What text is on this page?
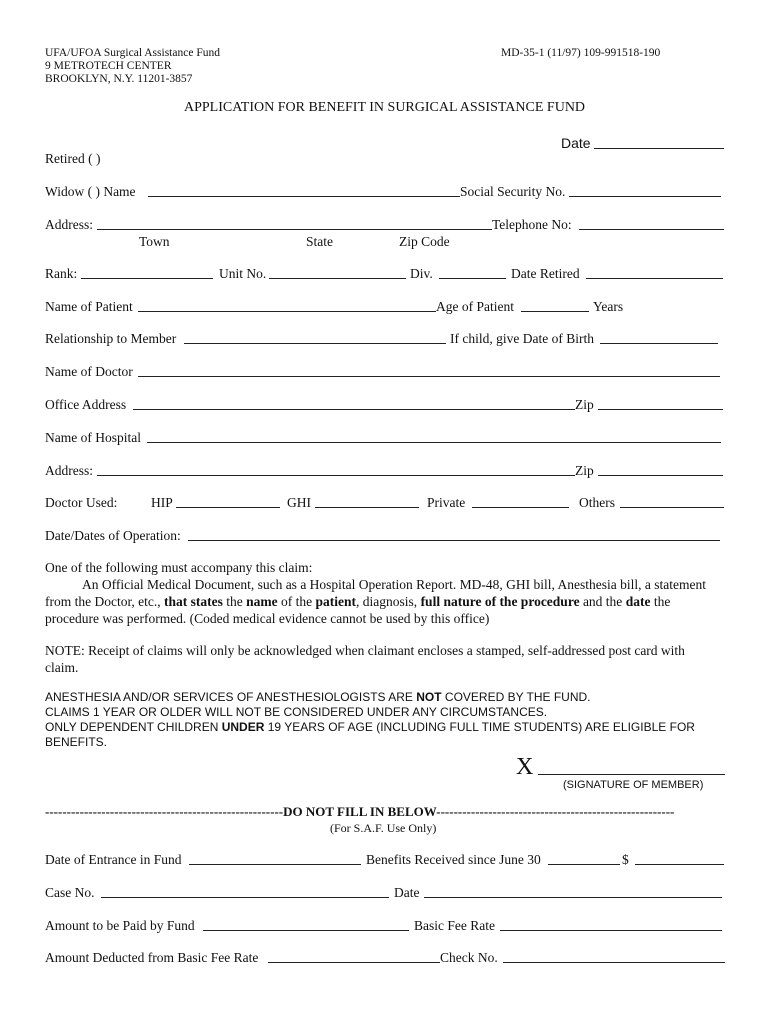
UFA/UFOA Surgical Assistance Fund
9 METROTECH CENTER
BROOKLYN, N.Y. 11201-3857
MD-35-1 (11/97) 109-991518-190
APPLICATION FOR BENEFIT IN SURGICAL ASSISTANCE FUND
Date
Retired ( )
Widow ( ) Name	Social Security No.
Address:	Telephone No:
Town	State	Zip Code
Rank:	Unit No.	Div.	Date Retired
Name of Patient	Age of Patient	Years
Relationship to Member	If child, give Date of Birth
Name of Doctor
Office Address	Zip
Name of Hospital
Address:	Zip
Doctor Used: HIP	GHI	Private	Others
Date/Dates of Operation:
One of the following must accompany this claim:
An Official Medical Document, such as a Hospital Operation Report. MD-48, GHI bill, Anesthesia bill, a statement from the Doctor, etc., that states the name of the patient, diagnosis, full nature of the procedure and the date the procedure was performed. (Coded medical evidence cannot be used by this office)
NOTE: Receipt of claims will only be acknowledged when claimant encloses a stamped, self-addressed post card with claim.
ANESTHESIA AND/OR SERVICES OF ANESTHESIOLOGISTS ARE NOT COVERED BY THE FUND.
CLAIMS 1 YEAR OR OLDER WILL NOT BE CONSIDERED UNDER ANY CIRCUMSTANCES.
ONLY DEPENDENT CHILDREN UNDER 19 YEARS OF AGE (INCLUDING FULL TIME STUDENTS) ARE ELIGIBLE FOR
BENEFITS.
X
(SIGNATURE OF MEMBER)
-------------------------------------------------------DO NOT FILL IN BELOW-------------------------------------------------------
(For S.A.F. Use Only)
Date of Entrance in Fund	Benefits Received since June 30	$
Case No.	Date
Amount to be Paid by Fund	Basic Fee Rate
Amount Deducted from Basic Fee Rate	Check No.
